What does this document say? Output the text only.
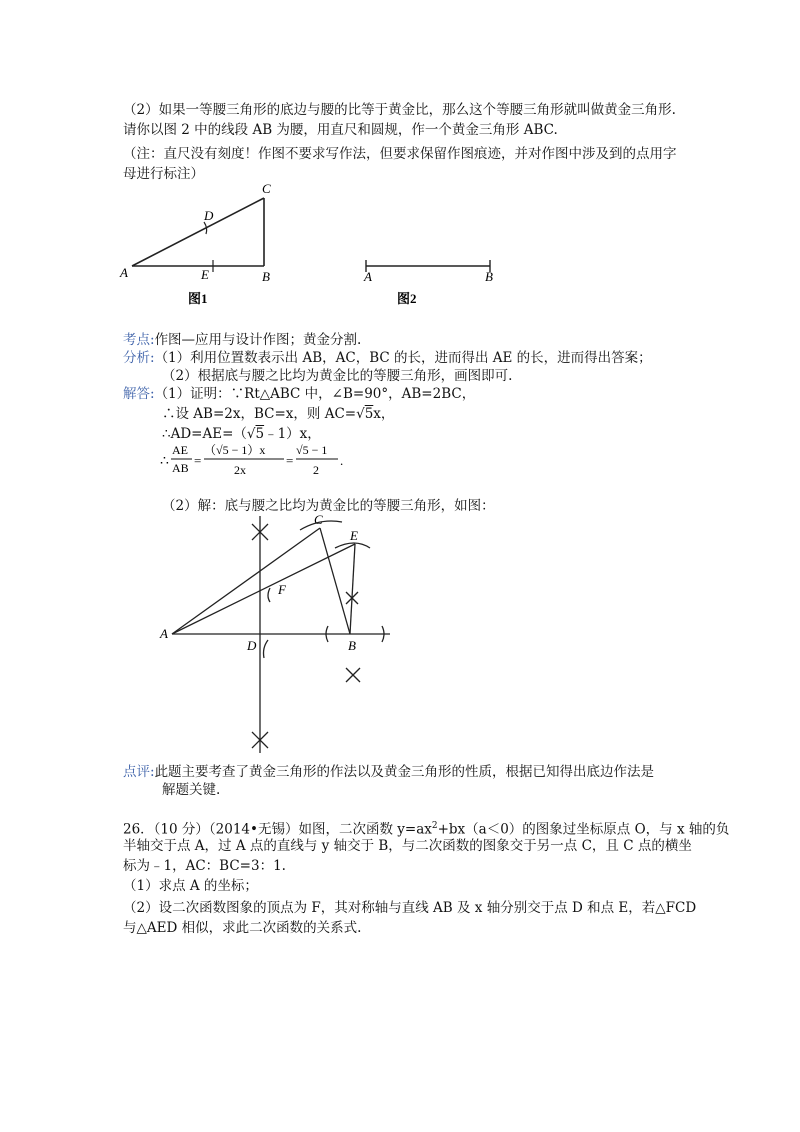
（2）如果一等腰三角形的底边与腰的比等于黄金比，那么这个等腰三角形就叫做黄金三角形.
请你以图 2 中的线段 AB 为腰，用直尺和圆规，作一个黄金三角形 ABC.
（注：直尺没有刻度！作图不要求写作法，但要求保留作图痕迹，并对作图中涉及到的点用字
母进行标注）
A	B
C
D
E
图1
A	B
图2
考点:作图—应用与设计作图；黄金分割.
分析:（1）利用位置数表示出 AB，AC，BC 的长，进而得出 AE 的长，进而得出答案；
（2）根据底与腰之比均为黄金比的等腰三角形，画图即可.
解答:（1）证明：∵Rt△ABC 中，∠B=90°，AB=2BC，
∴设 AB=2x，BC=x，则 AC=√5x，
∴AD=AE=（√5﹣1）x，
∴
AE
AB =
（√5 − 1）x
2x
=
√5 − 1
2
.
（2）解：底与腰之比均为黄金比的等腰三角形，如图：
A
B
C
D
E
F
点评:此题主要考查了黄金三角形的作法以及黄金三角形的性质，根据已知得出底边作法是
解题关键.
26．（10 分）（2014•无锡）如图，二次函数 $y=ax^2+bx(a<0)$的图象过坐标原点 O，与 x 轴的负
半轴交于点 A，过 A 点的直线与 y 轴交于 B，与二次函数的图象交于另一点 C，且 C 点的横坐
标为﹣1，AC：BC=3：1.
（1）求点 A 的坐标；
（2）设二次函数图象的顶点为 F，其对称轴与直线 AB 及 x 轴分别交于点 D 和点 E，若△FCD
与△AED 相似，求此二次函数的关系式.
